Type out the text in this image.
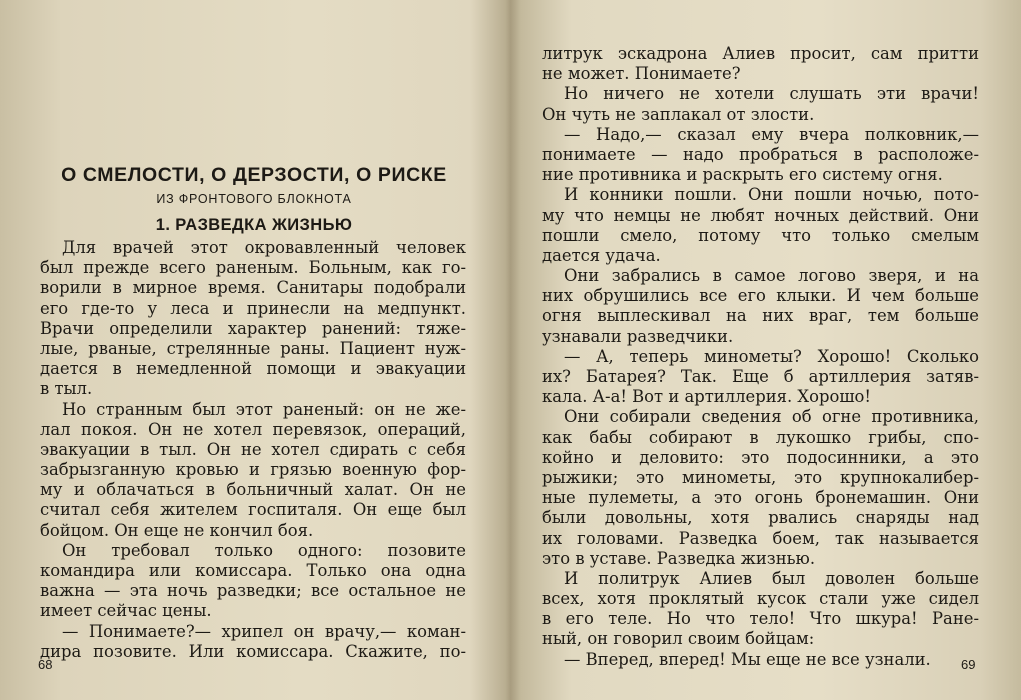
О СМЕЛОСТИ, О ДЕРЗОСТИ, О РИСКЕ
ИЗ ФРОНТОВОГО БЛОКНОТА
1. РАЗВЕДКА ЖИЗНЬЮ
Для врачей этот окровавленный человек
был прежде всего раненым. Больным, как го-
ворили в мирное время. Санитары подобрали
его где-то у леса и принесли на медпункт.
Врачи определили характер ранений: тяже-
лые, рваные, стрелянные раны. Пациент нуж-
дается в немедленной помощи и эвакуации
в тыл.
Но странным был этот раненый: он не же-
лал покоя. Он не хотел перевязок, операций,
эвакуации в тыл. Он не хотел сдирать с себя
забрызганную кровью и грязью военную фор-
му и облачаться в больничный халат. Он не
считал себя жителем госпиталя. Он еще был
бойцом. Он еще не кончил боя.
Он требовал только одного: позовите
командира или комиссара. Только она одна
важна — эта ночь разведки; все остальное не
имеет сейчас цены.
— Понимаете?— хрипел он врачу,— коман-
дира позовите. Или комиссара. Скажите, по-
68
литрук эскадрона Алиев просит, сам притти
не может. Понимаете?
Но ничего не хотели слушать эти врачи!
Он чуть не заплакал от злости.
— Надо,— сказал ему вчера полковник,—
понимаете — надо пробраться в расположе-
ние противника и раскрыть его систему огня.
И конники пошли. Они пошли ночью, пото-
му что немцы не любят ночных действий. Они
пошли смело, потому что только смелым
дается удача.
Они забрались в самое логово зверя, и на
них обрушились все его клыки. И чем больше
огня выплескивал на них враг, тем больше
узнавали разведчики.
— А, теперь минометы? Хорошо! Сколько
их? Батарея? Так. Еще б артиллерия затяв-
кала. А-а! Вот и артиллерия. Хорошо!
Они собирали сведения об огне противника,
как бабы собирают в лукошко грибы, спо-
койно и деловито: это подосинники, а это
рыжики; это минометы, это крупнокалибер-
ные пулеметы, а это огонь бронемашин. Они
были довольны, хотя рвались снаряды над
их головами. Разведка боем, так называется
это в уставе. Разведка жизнью.
И политрук Алиев был доволен больше
всех, хотя проклятый кусок стали уже сидел
в его теле. Но что тело! Что шкура! Ране-
ный, он говорил своим бойцам:
— Вперед, вперед! Мы еще не все узнали.	69
